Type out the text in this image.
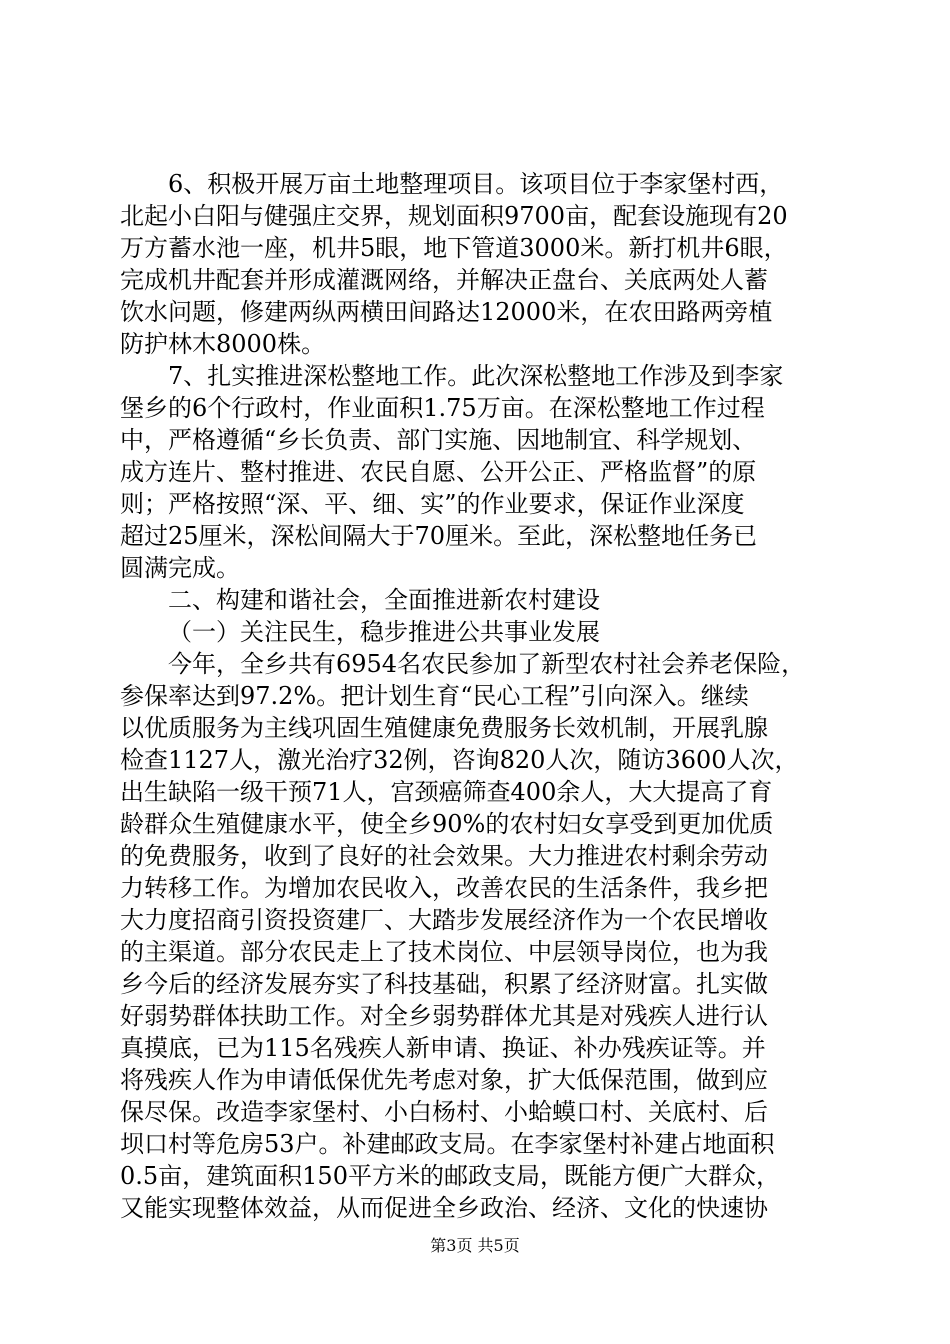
6、积极开展万亩土地整理项目。该项目位于李家堡村西，
北起小白阳与健强庄交界，规划面积9700亩，配套设施现有20
万方蓄水池一座，机井5眼，地下管道3000米。新打机井6眼，
完成机井配套并形成灌溉网络，并解决正盘台、关底两处人蓄
饮水问题，修建两纵两横田间路达12000米，在农田路两旁植
防护林木8000株。
7、扎实推进深松整地工作。此次深松整地工作涉及到李家
堡乡的6个行政村，作业面积1.75万亩。在深松整地工作过程
中，严格遵循“乡长负责、部门实施、因地制宜、科学规划、
成方连片、整村推进、农民自愿、公开公正、严格监督”的原
则；严格按照“深、平、细、实”的作业要求，保证作业深度
超过25厘米，深松间隔大于70厘米。至此，深松整地任务已
圆满完成。
二、构建和谐社会，全面推进新农村建设
（一）关注民生，稳步推进公共事业发展
今年，全乡共有6954名农民参加了新型农村社会养老保险，
参保率达到97.2%。把计划生育“民心工程”引向深入。继续
以优质服务为主线巩固生殖健康免费服务长效机制，开展乳腺
检查1127人，激光治疗32例，咨询820人次，随访3600人次，
出生缺陷一级干预71人，宫颈癌筛查400余人，大大提高了育
龄群众生殖健康水平，使全乡90%的农村妇女享受到更加优质
的免费服务，收到了良好的社会效果。大力推进农村剩余劳动
力转移工作。为增加农民收入，改善农民的生活条件，我乡把
大力度招商引资投资建厂、大踏步发展经济作为一个农民增收
的主渠道。部分农民走上了技术岗位、中层领导岗位，也为我
乡今后的经济发展夯实了科技基础，积累了经济财富。扎实做
好弱势群体扶助工作。对全乡弱势群体尤其是对残疾人进行认
真摸底，已为115名残疾人新申请、换证、补办残疾证等。并
将残疾人作为申请低保优先考虑对象，扩大低保范围，做到应
保尽保。改造李家堡村、小白杨村、小蛤蟆口村、关底村、后
坝口村等危房53户。补建邮政支局。在李家堡村补建占地面积
0.5亩，建筑面积150平方米的邮政支局，既能方便广大群众，
又能实现整体效益，从而促进全乡政治、经济、文化的快速协
第3页 共5页
